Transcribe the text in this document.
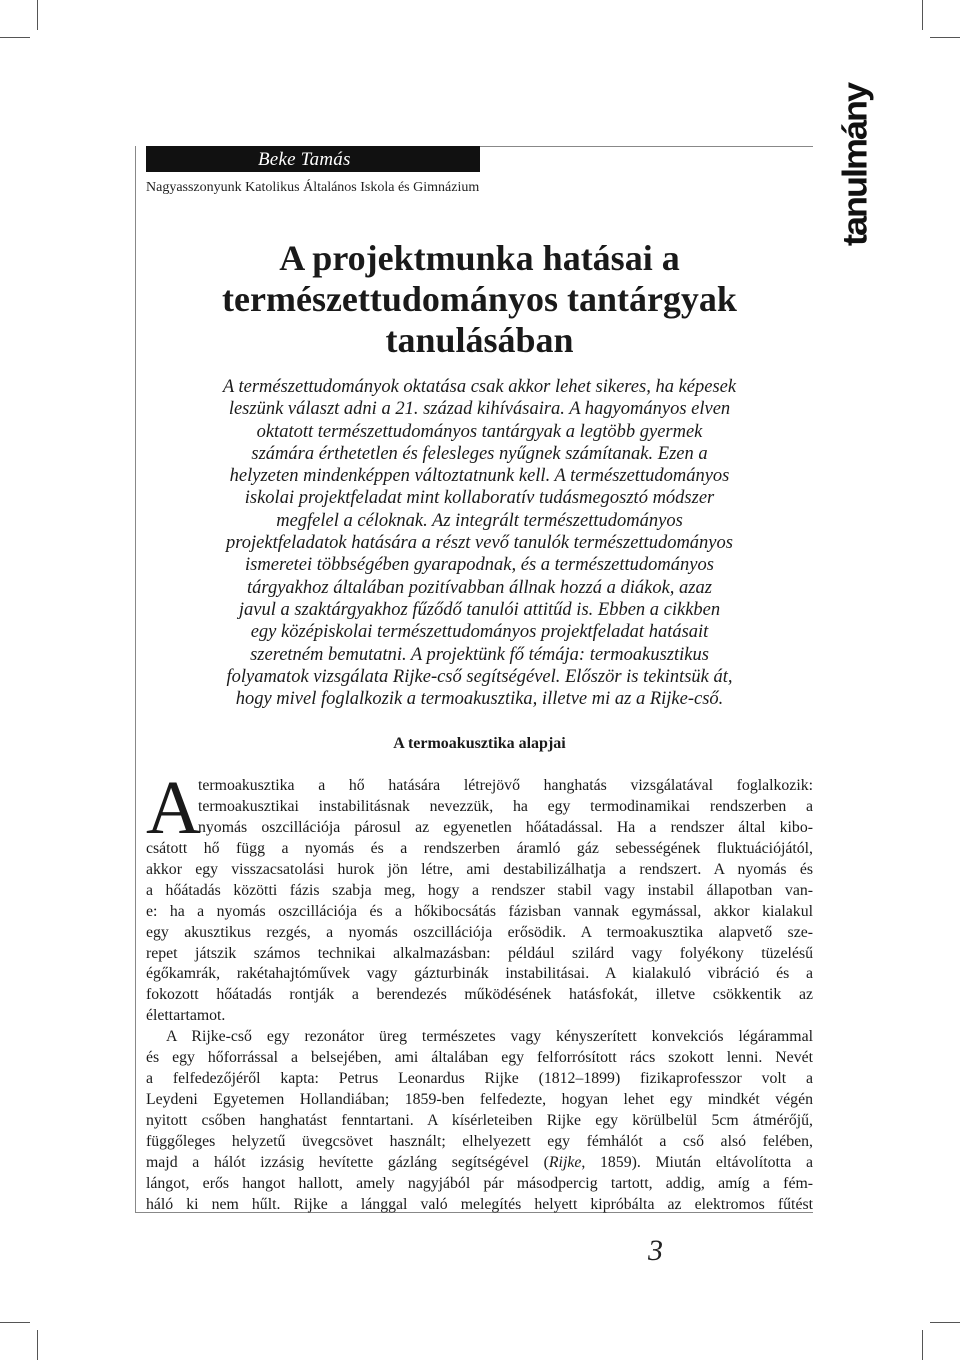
Beke Tamás
Nagyasszonyunk Katolikus Általános Iskola és Gimnázium	tanulmány
A projektmunka hatásai a
természettudományos tantárgyak
tanulásában
A természettudományok oktatása csak akkor lehet sikeres, ha képesek
leszünk választ adni a 21. század kihívásaira. A hagyományos elven
oktatott természettudományos tantárgyak a legtöbb gyermek
számára érthetetlen és felesleges nyűgnek számítanak. Ezen a
helyzeten mindenképpen változtatnunk kell. A természettudományos
iskolai projektfeladat mint kollaboratív tudásmegosztó módszer
megfelel a céloknak. Az integrált természettudományos
projektfeladatok hatására a részt vevő tanulók természettudományos
ismeretei többségében gyarapodnak, és a természettudományos
tárgyakhoz általában pozitívabban állnak hozzá a diákok, azaz
javul a szaktárgyakhoz fűződő tanulói attitűd is. Ebben a cikkben
egy középiskolai természettudományos projektfeladat hatásait
szeretném bemutatni. A projektünk fő témája: termoakusztikus
folyamatok vizsgálata Rijke-cső segítségével. Először is tekintsük át,
hogy mivel foglalkozik a termoakusztika, illetve mi az a Rijke-cső.
A termoakusztika alapjai
A
termoakusztika a hő hatására létrejövő hanghatás vizsgálatával foglalkozik:
termoakusztikai instabilitásnak nevezzük, ha egy termodinamikai rendszerben a
nyomás oszcillációja párosul az egyenetlen hőátadással. Ha a rendszer által kibo-
csátott hő függ a nyomás és a rendszerben áramló gáz sebességének fluktuációjától,
akkor egy visszacsatolási hurok jön létre, ami destabilizálhatja a rendszert. A nyomás és
a hőátadás közötti fázis szabja meg, hogy a rendszer stabil vagy instabil állapotban van-
e: ha a nyomás oszcillációja és a hőkibocsátás fázisban vannak egymással, akkor kialakul
egy akusztikus rezgés, a nyomás oszcillációja erősödik. A termoakusztika alapvető sze-
repet játszik számos technikai alkalmazásban: például szilárd vagy folyékony tüzelésű
égőkamrák, rakétahajtóművek vagy gázturbinák instabilitásai. A kialakuló vibráció és a
fokozott hőátadás rontják a berendezés működésének hatásfokát, illetve csökkentik az
élettartamot.
A Rijke-cső egy rezonátor üreg természetes vagy kényszerített konvekciós légárammal
és egy hőforrással a belsejében, ami általában egy felforrósított rács szokott lenni. Nevét
a felfedezőjéről kapta: Petrus Leonardus Rijke (1812–1899) fizikaprofesszor volt a
Leydeni Egyetemen Hollandiában; 1859-ben felfedezte, hogyan lehet egy mindkét végén
nyitott csőben hanghatást fenntartani. A kísérleteiben Rijke egy körülbelül 5cm átmérőjű,
függőleges helyzetű üvegcsövet használt; elhelyezett egy fémhálót a cső alsó felében,
majd a hálót izzásig hevítette gázláng segítségével (Rijke, 1859). Miután eltávolította a
lángot, erős hangot hallott, amely nagyjából pár másodpercig tartott, addig, amíg a fém-
háló ki nem hűlt. Rijke a lánggal való melegítés helyett kipróbálta az elektromos fűtést
3
